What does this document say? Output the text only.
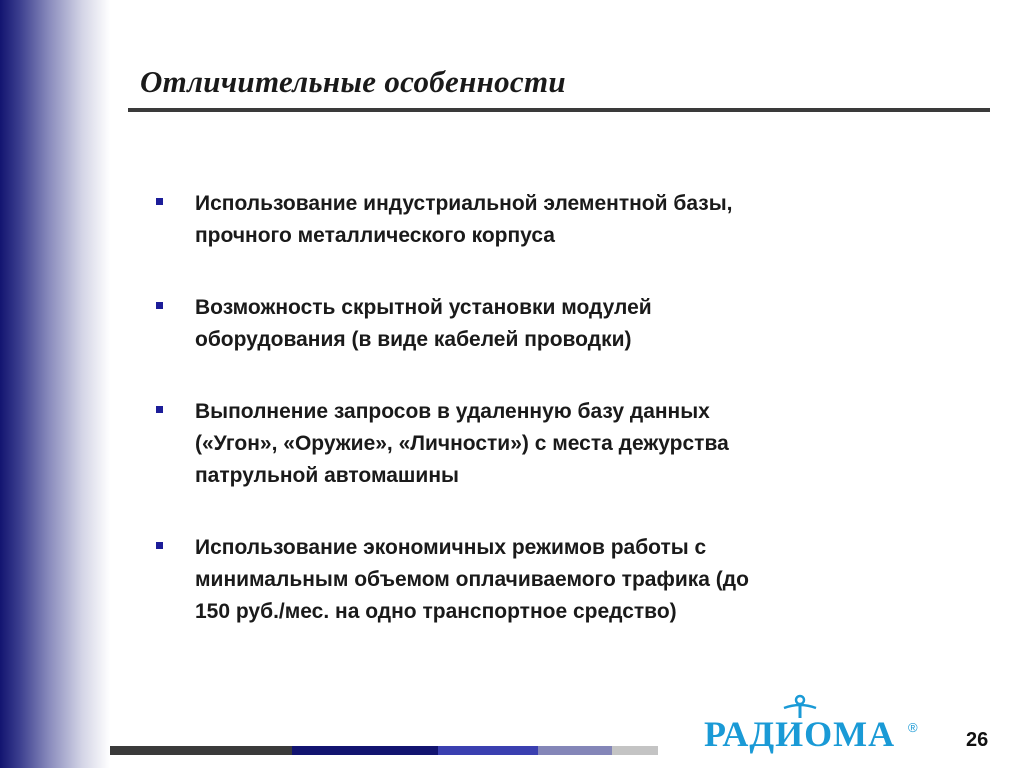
Отличительные особенности
Использование индустриальной элементной базы,
прочного металлического корпуса
Возможность скрытной установки модулей
оборудования (в виде кабелей проводки)
Выполнение запросов в удаленную базу данных
(«Угон», «Оружие», «Личности») с места дежурства
патрульной автомашины
Использование экономичных режимов работы с
минимальным объемом оплачиваемого трафика (до
150 руб./мес. на одно транспортное средство)
РАДИОМА ®
26
